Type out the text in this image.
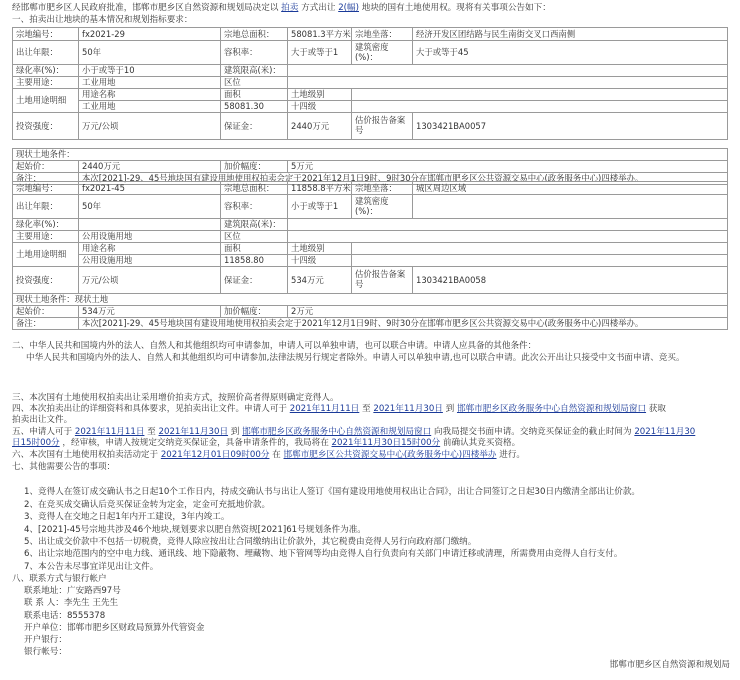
经邯郸市肥乡区人民政府批准，邯郸市肥乡区自然资源和规划局决定以 拍卖 方式出让 2(幅) 地块的国有土地使用权。现将有关事项公告如下：
一、拍卖出让地块的基本情况和规划指标要求：
宗地编号：	fx2021-29	宗地总面积：	58081.3平方米	宗地坐落：	经济开发区团结路与民生南街交叉口西南侧
出让年限：	50年	容积率：	大于或等于1	建筑密度(%)：	大于或等于45
绿化率(%)：	小于或等于10	建筑限高(米)：			
主要用途：	工业用地	区位			
土地用途明细	用途名称	面积	土地级别		
	工业用地	58081.30	十四级		
投资强度：	万元/公顷	保证金：	2440万元	估价报告备案号	1303421BA0057

现状土地条件：					
起始价：	2440万元	加价幅度：	5万元		
备注：	本次[2021]-29、45号地块国有建设用地使用权拍卖会定于2021年12月1日9时、9时30分在邯郸市肥乡区公共资源交易中心(政务服务中心)四楼举办。				
宗地编号：	fx2021-45	宗地总面积：	11858.8平方米	宗地坐落：	城区周边区域
出让年限：	50年	容积率：	小于或等于1	建筑密度(%)：	
绿化率(%)：		建筑限高(米)：			
主要用途：	公用设施用地	区位			
土地用途明细	用途名称	面积	土地级别		
	公用设施用地	11858.80	十四级		
投资强度：	万元/公顷	保证金：	534万元	估价报告备案号	1303421BA0058
现状土地条件：现状土地					
起始价：	534万元	加价幅度：	2万元		
备注：	本次[2021]-29、45号地块国有建设用地使用权拍卖会定于2021年12月1日9时、9时30分在邯郸市肥乡区公共资源交易中心(政务服务中心)四楼举办。				
二、中华人民共和国境内外的法人、自然人和其他组织均可申请参加，申请人可以单独申请，也可以联合申请。申请人应具备的其他条件：
中华人民共和国境内外的法人、自然人和其他组织均可申请参加,法律法规另行规定者除外。申请人可以单独申请,也可以联合申请。此次公开出让只接受中文书面申请、竞买。
三、本次国有土地使用权拍卖出让采用增价拍卖方式，按照价高者得原则确定竞得人。
四、本次拍卖出让的详细资料和具体要求，见拍卖出让文件。申请人可于 2021年11月11日 至 2021年11月30日 到 邯郸市肥乡区政务服务中心自然资源和规划局窗口 获取
拍卖出让文件。
五、申请人可于 2021年11月11日 至 2021年11月30日 到 邯郸市肥乡区政务服务中心自然资源和规划局窗口 向我局提交书面申请。交纳竞买保证金的截止时间为 2021年11月30
日15时00分 ，经审核，申请人按规定交纳竞买保证金，具备申请条件的，我局将在 2021年11月30日15时00分 前确认其竞买资格。
六、本次国有土地使用权拍卖活动定于 2021年12月01日09时00分 在 邯郸市肥乡区公共资源交易中心(政务服务中心)四楼举办 进行。
七、其他需要公告的事项：
1、竞得人在签订成交确认书之日起10个工作日内，持成交确认书与出让人签订《国有建设用地使用权出让合同》，出让合同签订之日起30日内缴清全部出让价款。
2、在竞买成交确认后竞买保证金转为定金，定金可充抵地价款。
3、竞得人在交地之日起1年内开工建设，3年内竣工。
4、[2021]-45号宗地共涉及46个地块,规划要求以肥自然资规[2021]61号规划条件为准。
5、出让成交价款中不包括一切税费，竞得人除应按出让合同缴纳出让价款外，其它税费由竞得人另行向政府部门缴纳。
6、出让宗地范围内的空中电力线、通讯线、地下隐蔽物、埋藏物、地下管网等均由竞得人自行负责向有关部门申请迁移或清理，所需费用由竞得人自行支付。
7、本公告未尽事宜详见出让文件。
八、联系方式与银行帐户
联系地址：广安路西97号
联 系 人：李先生 王先生
联系电话：8555378
开户单位：邯郸市肥乡区财政局预算外代管资金
开户银行：
银行帐号：
邯郸市肥乡区自然资源和规划局
